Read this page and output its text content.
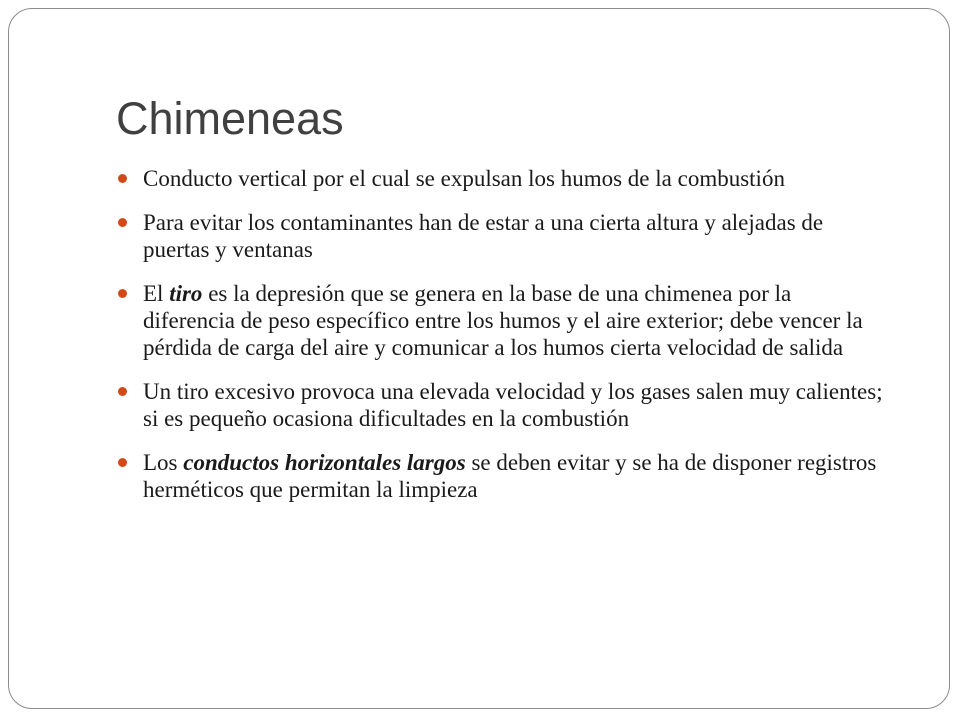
Chimeneas
Conducto vertical por el cual se expulsan los humos de la combustión
Para evitar los contaminantes han de estar a una cierta altura y alejadas de puertas y ventanas
El tiro es la depresión que se genera en la base de una chimenea por la diferencia de peso específico entre los humos y el aire exterior; debe vencer la pérdida de carga del aire y comunicar a los humos cierta velocidad de salida
Un tiro excesivo provoca una elevada velocidad y los gases salen muy calientes; si es pequeño ocasiona dificultades en la combustión
Los conductos horizontales largos se deben evitar y se ha de disponer registros herméticos que permitan la limpieza
